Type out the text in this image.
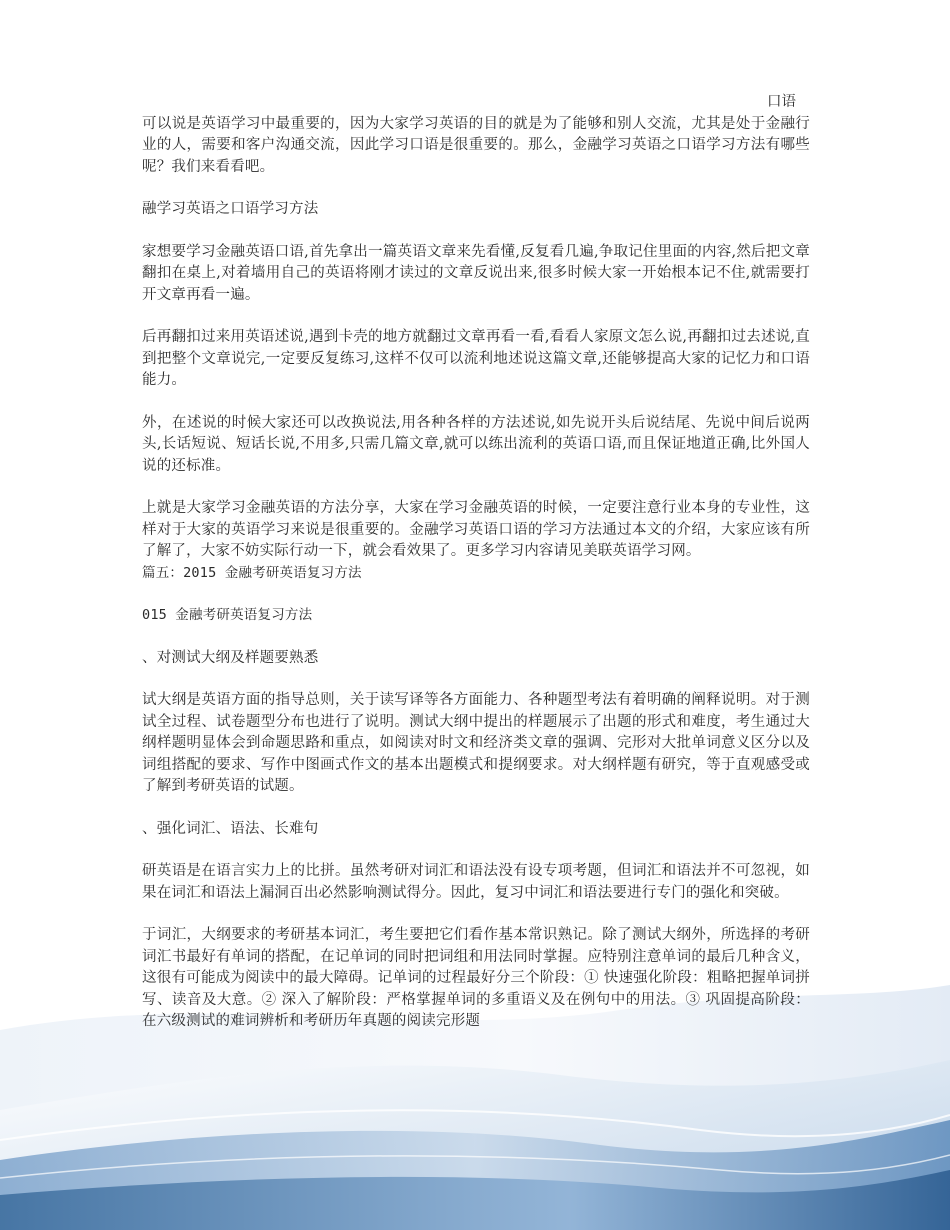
口语

可以说是英语学习中最重要的，因为大家学习英语的目的就是为了能够和别人交流，尤其是处于金融行业的人，需要和客户沟通交流，因此学习口语是很重要的。那么，金融学习英语之口语学习方法有哪些呢？我们来看看吧。

融学习英语之口语学习方法

家想要学习金融英语口语,首先拿出一篇英语文章来先看懂,反复看几遍,争取记住里面的内容,然后把文章翻扣在桌上,对着墙用自己的英语将刚才读过的文章反说出来,很多时候大家一开始根本记不住,就需要打开文章再看一遍。

后再翻扣过来用英语述说,遇到卡壳的地方就翻过文章再看一看,看看人家原文怎么说,再翻扣过去述说,直到把整个文章说完,一定要反复练习,这样不仅可以流利地述说这篇文章,还能够提高大家的记忆力和口语能力。

外，在述说的时候大家还可以改换说法,用各种各样的方法述说,如先说开头后说结尾、先说中间后说两头,长话短说、短话长说,不用多,只需几篇文章,就可以练出流利的英语口语,而且保证地道正确,比外国人说的还标准。

上就是大家学习金融英语的方法分享，大家在学习金融英语的时候，一定要注意行业本身的专业性，这样对于大家的英语学习来说是很重要的。金融学习英语口语的学习方法通过本文的介绍，大家应该有所了解了，大家不妨实际行动一下，就会看效果了。更多学习内容请见美联英语学习网。

篇五：2015 金融考研英语复习方法

015 金融考研英语复习方法

、对测试大纲及样题要熟悉

试大纲是英语方面的指导总则，关于读写译等各方面能力、各种题型考法有着明确的阐释说明。对于测试全过程、试卷题型分布也进行了说明。测试大纲中提出的样题展示了出题的形式和难度，考生通过大纲样题明显体会到命题思路和重点，如阅读对时文和经济类文章的强调、完形对大批单词意义区分以及词组搭配的要求、写作中图画式作文的基本出题模式和提纲要求。对大纲样题有研究，等于直观感受或了解到考研英语的试题。

、强化词汇、语法、长难句

研英语是在语言实力上的比拼。虽然考研对词汇和语法没有设专项考题，但词汇和语法并不可忽视，如果在词汇和语法上漏洞百出必然影响测试得分。因此，复习中词汇和语法要进行专门的强化和突破。

于词汇，大纲要求的考研基本词汇，考生要把它们看作基本常识熟记。除了测试大纲外，所选择的考研词汇书最好有单词的搭配，在记单词的同时把词组和用法同时掌握。应特别注意单词的最后几种含义，这很有可能成为阅读中的最大障碍。记单词的过程最好分三个阶段：① 快速强化阶段：粗略把握单词拼写、读音及大意。② 深入了解阶段：严格掌握单词的多重语义及在例句中的用法。③ 巩固提高阶段：在六级测试的难词辨析和考研历年真题的阅读完形题
